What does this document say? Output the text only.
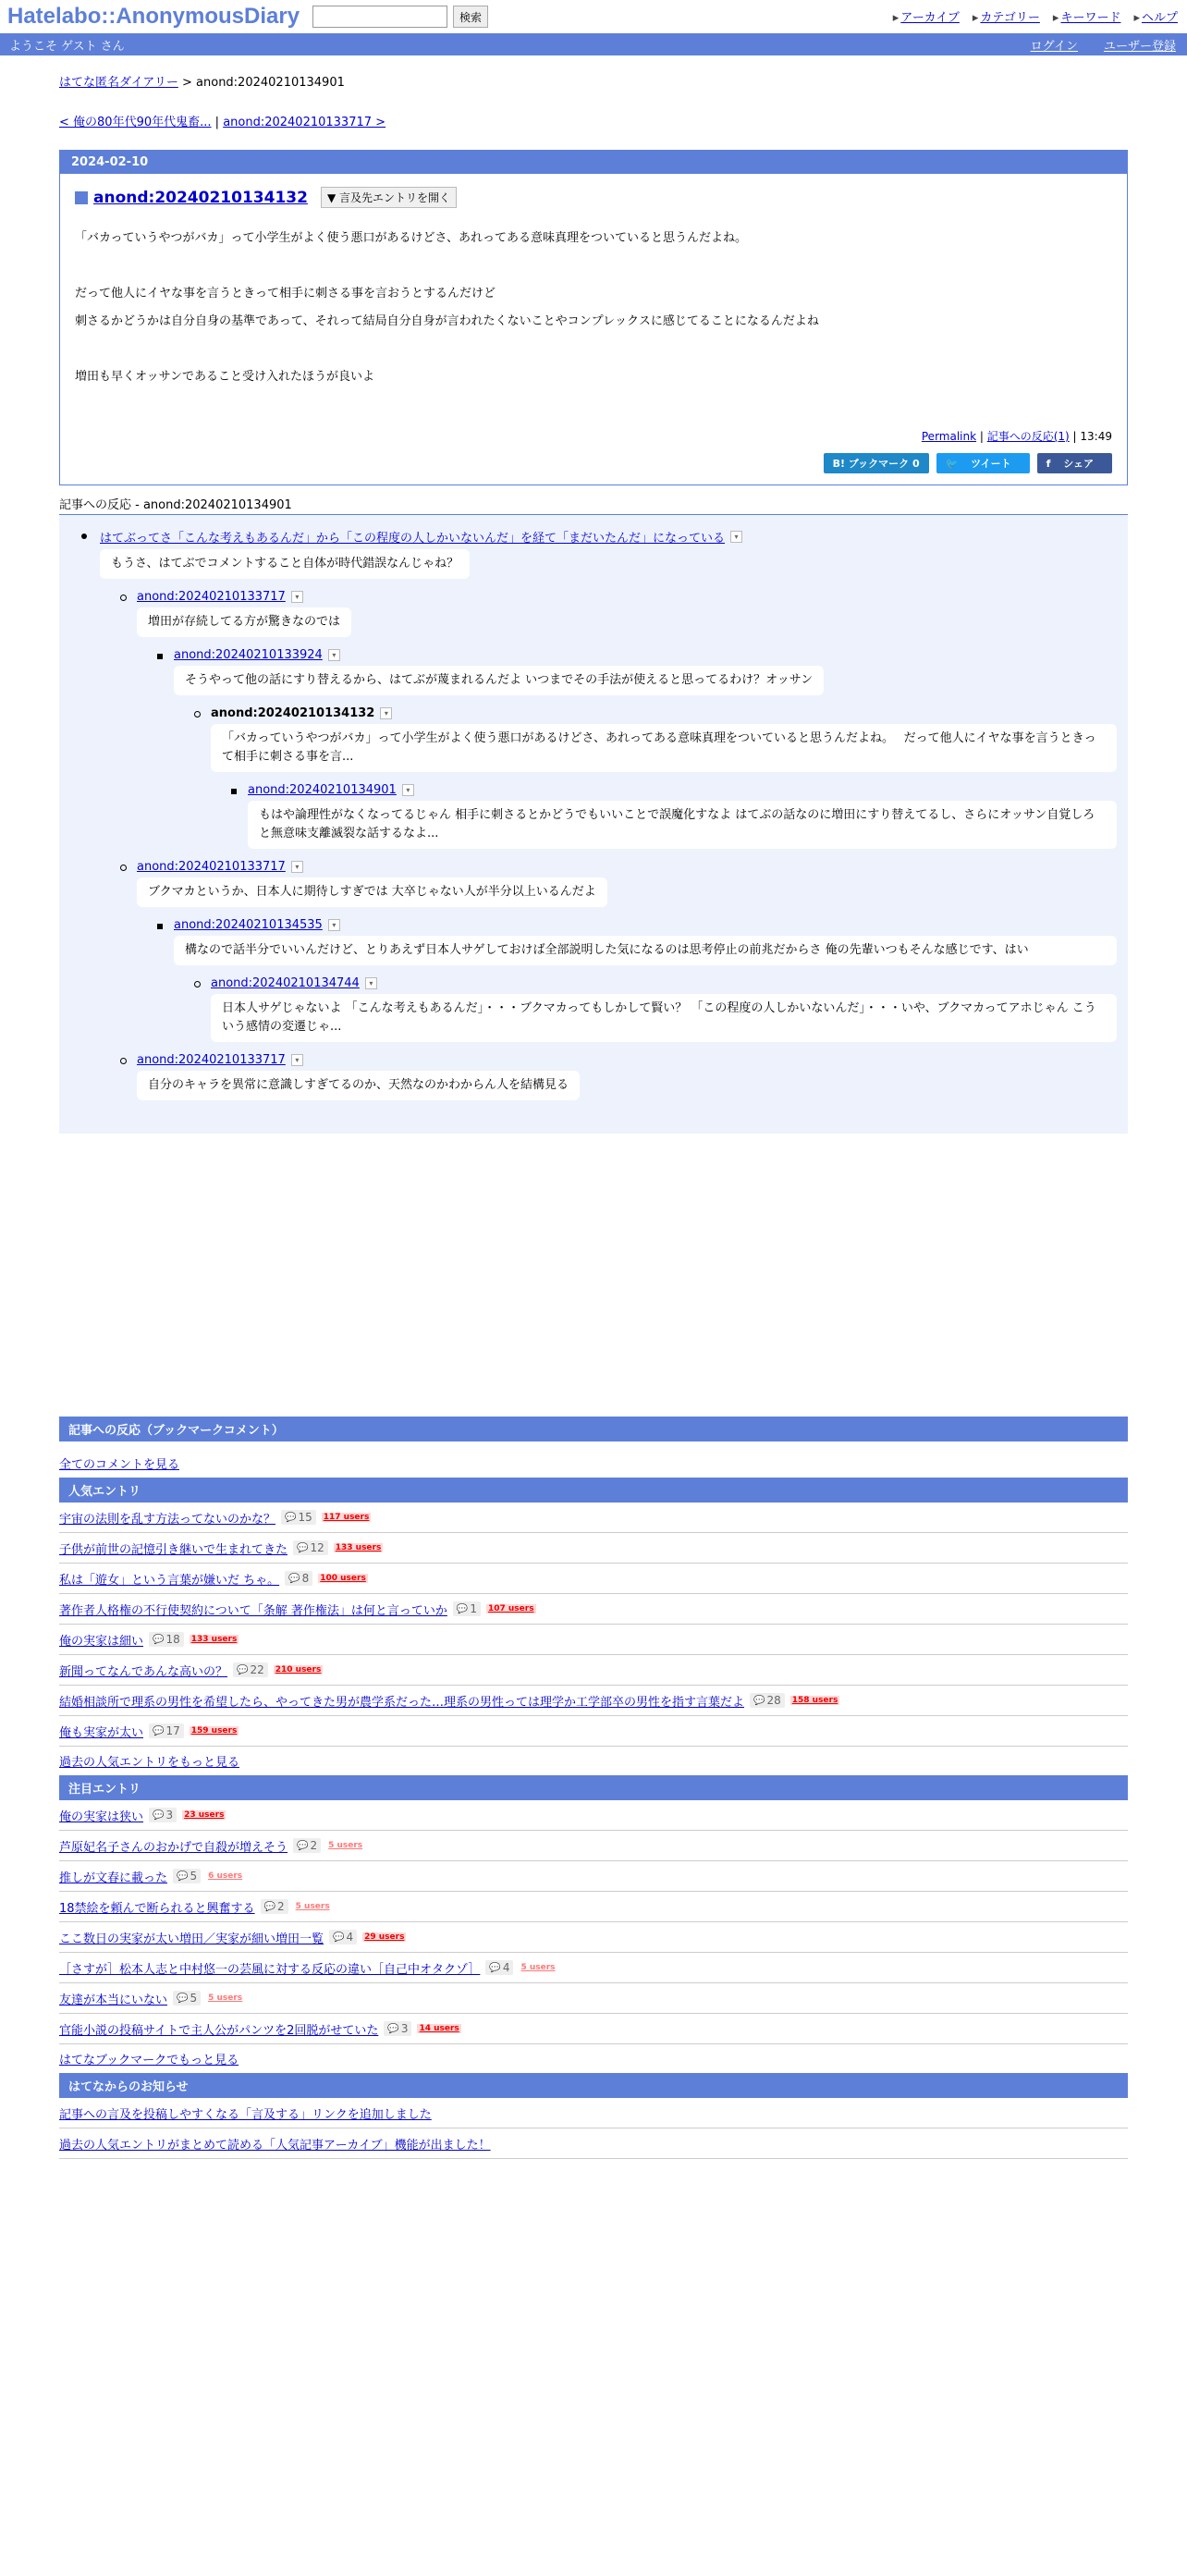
Hatelabo::AnonymousDiary	検索	▸ アーカイブ	▸ カテゴリー	▸ キーワード	▸ ヘルプ
ようこそ ゲスト さん	ログイン ユーザー登録
はてな匿名ダイアリー > anond:20240210134901
< 俺の80年代90年代鬼畜... | anond:20240210133717 >
2024-02-10
anond:20240210134132	▼ 言及先エントリを開く

「バカっていうやつがバカ」って小学生がよく使う悪口があるけどさ、あれってある意味真理をついていると思うんだよね。

だって他人にイヤな事を言うときって相手に刺さる事を言おうとするんだけど

刺さるかどうかは自分自身の基準であって、それって結局自分自身が言われたくないことやコンプレックスに感じてることになるんだよね

増田も早くオッサンであること受け入れたほうが良いよ

Permalink | 記事への反応(1) | 13:49
B! ブックマーク 0	🐦 ツイート	f シェア
記事への反応 - anond:20240210134901
はてぶってさ「こんな考えもあるんだ」から「この程度の人しかいないんだ」を経て「まだいたんだ」になっている	▾
もうさ、はてぶでコメントすること自体が時代錯誤なんじゃね？
anond:20240210133717	▾
増田が存続してる方が驚きなのでは
anond:20240210133924	▾
そうやって他の話にすり替えるから、はてぶが蔑まれるんだよ いつまでその手法が使えると思ってるわけ？オッサン
anond:20240210134132	▾
「バカっていうやつがバカ」って小学生がよく使う悪口があるけどさ、あれってある意味真理をついていると思うんだよね。　 だって他人にイヤな事を言うときって相手に刺さる事を言...
anond:20240210134901	▾
もはや論理性がなくなってるじゃん 相手に刺さるとかどうでもいいことで誤魔化すなよ はてぶの話なのに増田にすり替えてるし、さらにオッサン自覚しろと無意味支離滅裂な話するなよ...
anond:20240210133717	▾
ブクマカというか、日本人に期待しすぎでは 大卒じゃない人が半分以上いるんだよ
anond:20240210134535	▾
構なので話半分でいいんだけど、とりあえず日本人サゲしておけば全部説明した気になるのは思考停止の前兆だからさ 俺の先輩いつもそんな感じです、はい
anond:20240210134744	▾
日本人サゲじゃないよ 「こんな考えもあるんだ」・・・ブクマカってもしかして賢い？ 「この程度の人しかいないんだ」・・・いや、ブクマカってアホじゃん こういう感情の変遷じゃ...
anond:20240210133717	▾
自分のキャラを異常に意識しすぎてるのか、天然なのかわからん人を結構見る
記事への反応（ブックマークコメント）
全てのコメントを見る
人気エントリ
宇宙の法則を乱す方法ってないのかな？ 💬 15 117 users
子供が前世の記憶引き継いで生まれてきた 💬 12 133 users
私は「遊女」という言葉が嫌いだ ちゃ。 💬 8 100 users
著作者人格権の不行使契約について「条解 著作権法」は何と言っていか 💬 1 107 users
俺の実家は細い 💬 18 133 users
新聞ってなんであんな高いの？ 💬 22 210 users
結婚相談所で理系の男性を希望したら、やってきた男が農学系だった…理系の男性っては理学か工学部卒の男性を指す言葉だよ 💬 28 158 users
俺も実家が太い 💬 17 159 users
過去の人気エントリをもっと見る
注目エントリ
俺の実家は狭い 💬 3 23 users
芦原妃名子さんのおかげで自殺が増えそう 💬 2 5 users
推しが文春に載った 💬 5 6 users
18禁絵を頼んで断られると興奮する 💬 2 5 users
ここ数日の実家が太い増田／実家が細い増田一覧 💬 4 29 users
［さすが］松本人志と中村悠一の芸風に対する反応の違い［自己中オタクゾ］ 💬 4 5 users
友達が本当にいない 💬 5 5 users
官能小説の投稿サイトで主人公がパンツを2回脱がせていた 💬 3 14 users
はてなブックマークでもっと見る
はてなからのお知らせ
記事への言及を投稿しやすくなる「言及する」リンクを追加しました
過去の人気エントリがまとめて読める「人気記事アーカイブ」機能が出ました！
